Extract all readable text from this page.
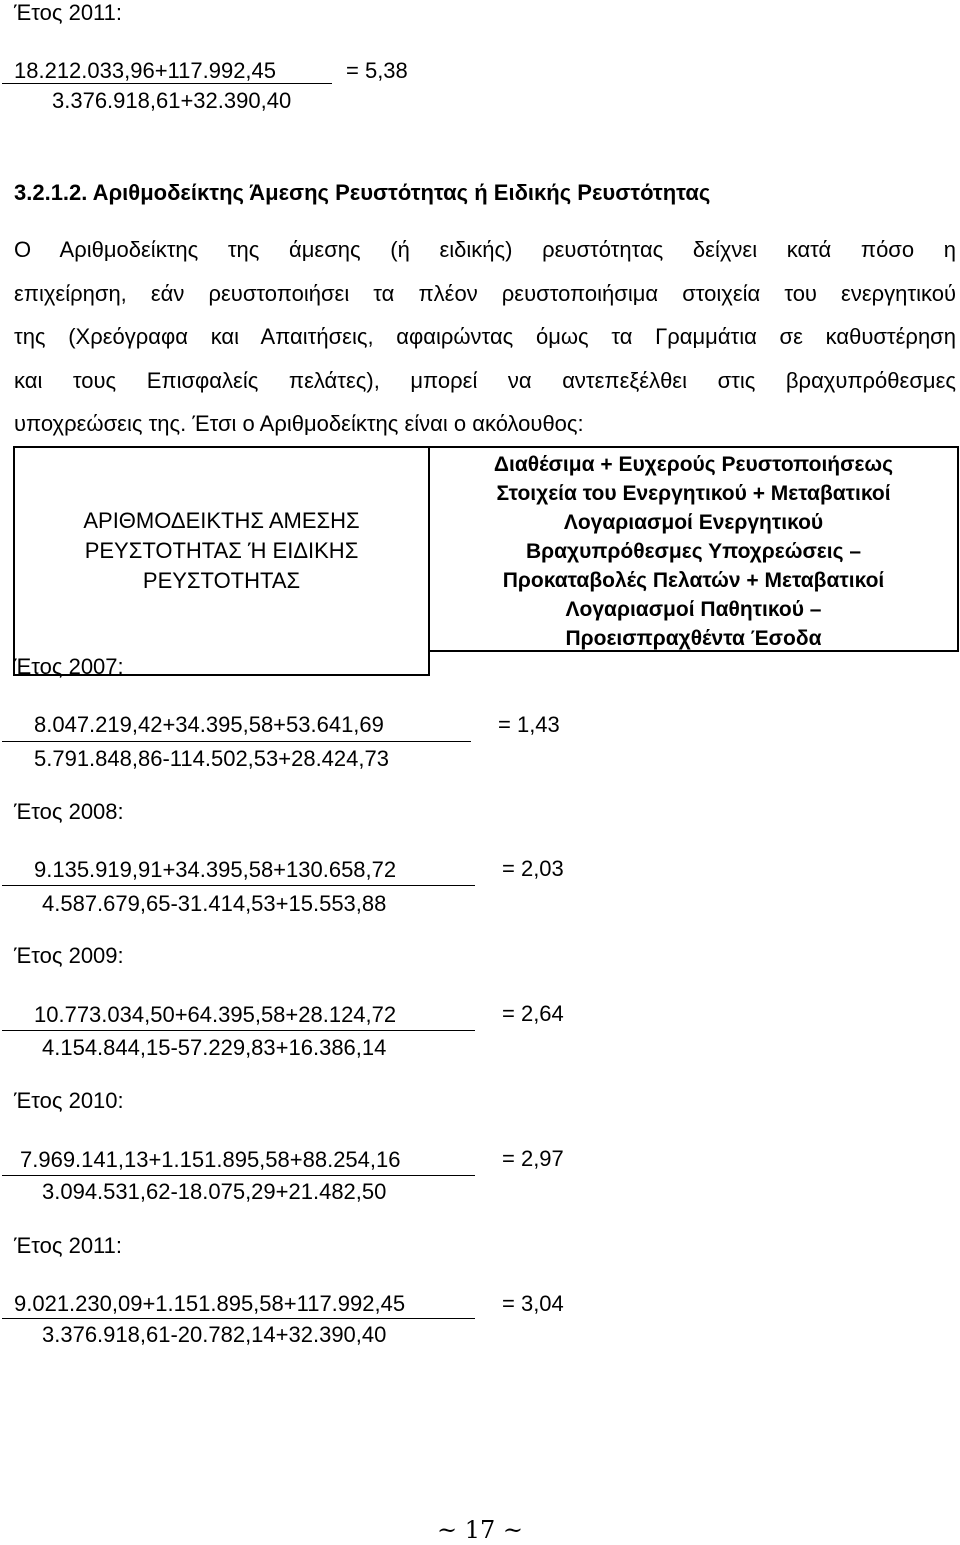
Έτος 2011:
18.212.033,96+117.992,45
3.376.918,61+32.390,40
= 5,38
3.2.1.2. Αριθμοδείκτης Άμεσης Ρευστότητας ή Ειδικής Ρευστότητας
Ο Αριθμοδείκτης της άμεσης (ή ειδικής) ρευστότητας δείχνει κατά πόσο η
επιχείρηση, εάν ρευστοποιήσει τα πλέον ρευστοποιήσιμα στοιχεία του ενεργητικού
της (Χρεόγραφα και Απαιτήσεις, αφαιρώντας όμως τα Γραμμάτια σε καθυστέρηση
και τους Επισφαλείς πελάτες), μπορεί να αντεπεξέλθει στις βραχυπρόθεσμες
υποχρεώσεις της. Έτσι ο Αριθμοδείκτης είναι ο ακόλουθος:
ΑΡΙΘΜΟΔΕΙΚΤΗΣ ΑΜΕΣΗΣ
ΡΕΥΣΤΟΤΗΤΑΣ Ή ΕΙΔΙΚΗΣ
ΡΕΥΣΤΟΤΗΤΑΣ
Διαθέσιμα + Ευχερούς Ρευστοποιήσεως
Στοιχεία του Ενεργητικού + Μεταβατικοί
Λογαριασμοί Ενεργητικού
Βραχυπρόθεσμες Υποχρεώσεις –
Προκαταβολές Πελατών + Μεταβατικοί
Λογαριασμοί Παθητικού –
Προεισπραχθέντα Έσοδα
Έτος 2007:
8.047.219,42+34.395,58+53.641,69
5.791.848,86-114.502,53+28.424,73
= 1,43
Έτος 2008:
9.135.919,91+34.395,58+130.658,72
4.587.679,65-31.414,53+15.553,88
= 2,03
Έτος 2009:
10.773.034,50+64.395,58+28.124,72
4.154.844,15-57.229,83+16.386,14
= 2,64
Έτος 2010:
7.969.141,13+1.151.895,58+88.254,16
3.094.531,62-18.075,29+21.482,50
= 2,97
Έτος 2011:
9.021.230,09+1.151.895,58+117.992,45
3.376.918,61-20.782,14+32.390,40
= 3,04
~ 17 ~
